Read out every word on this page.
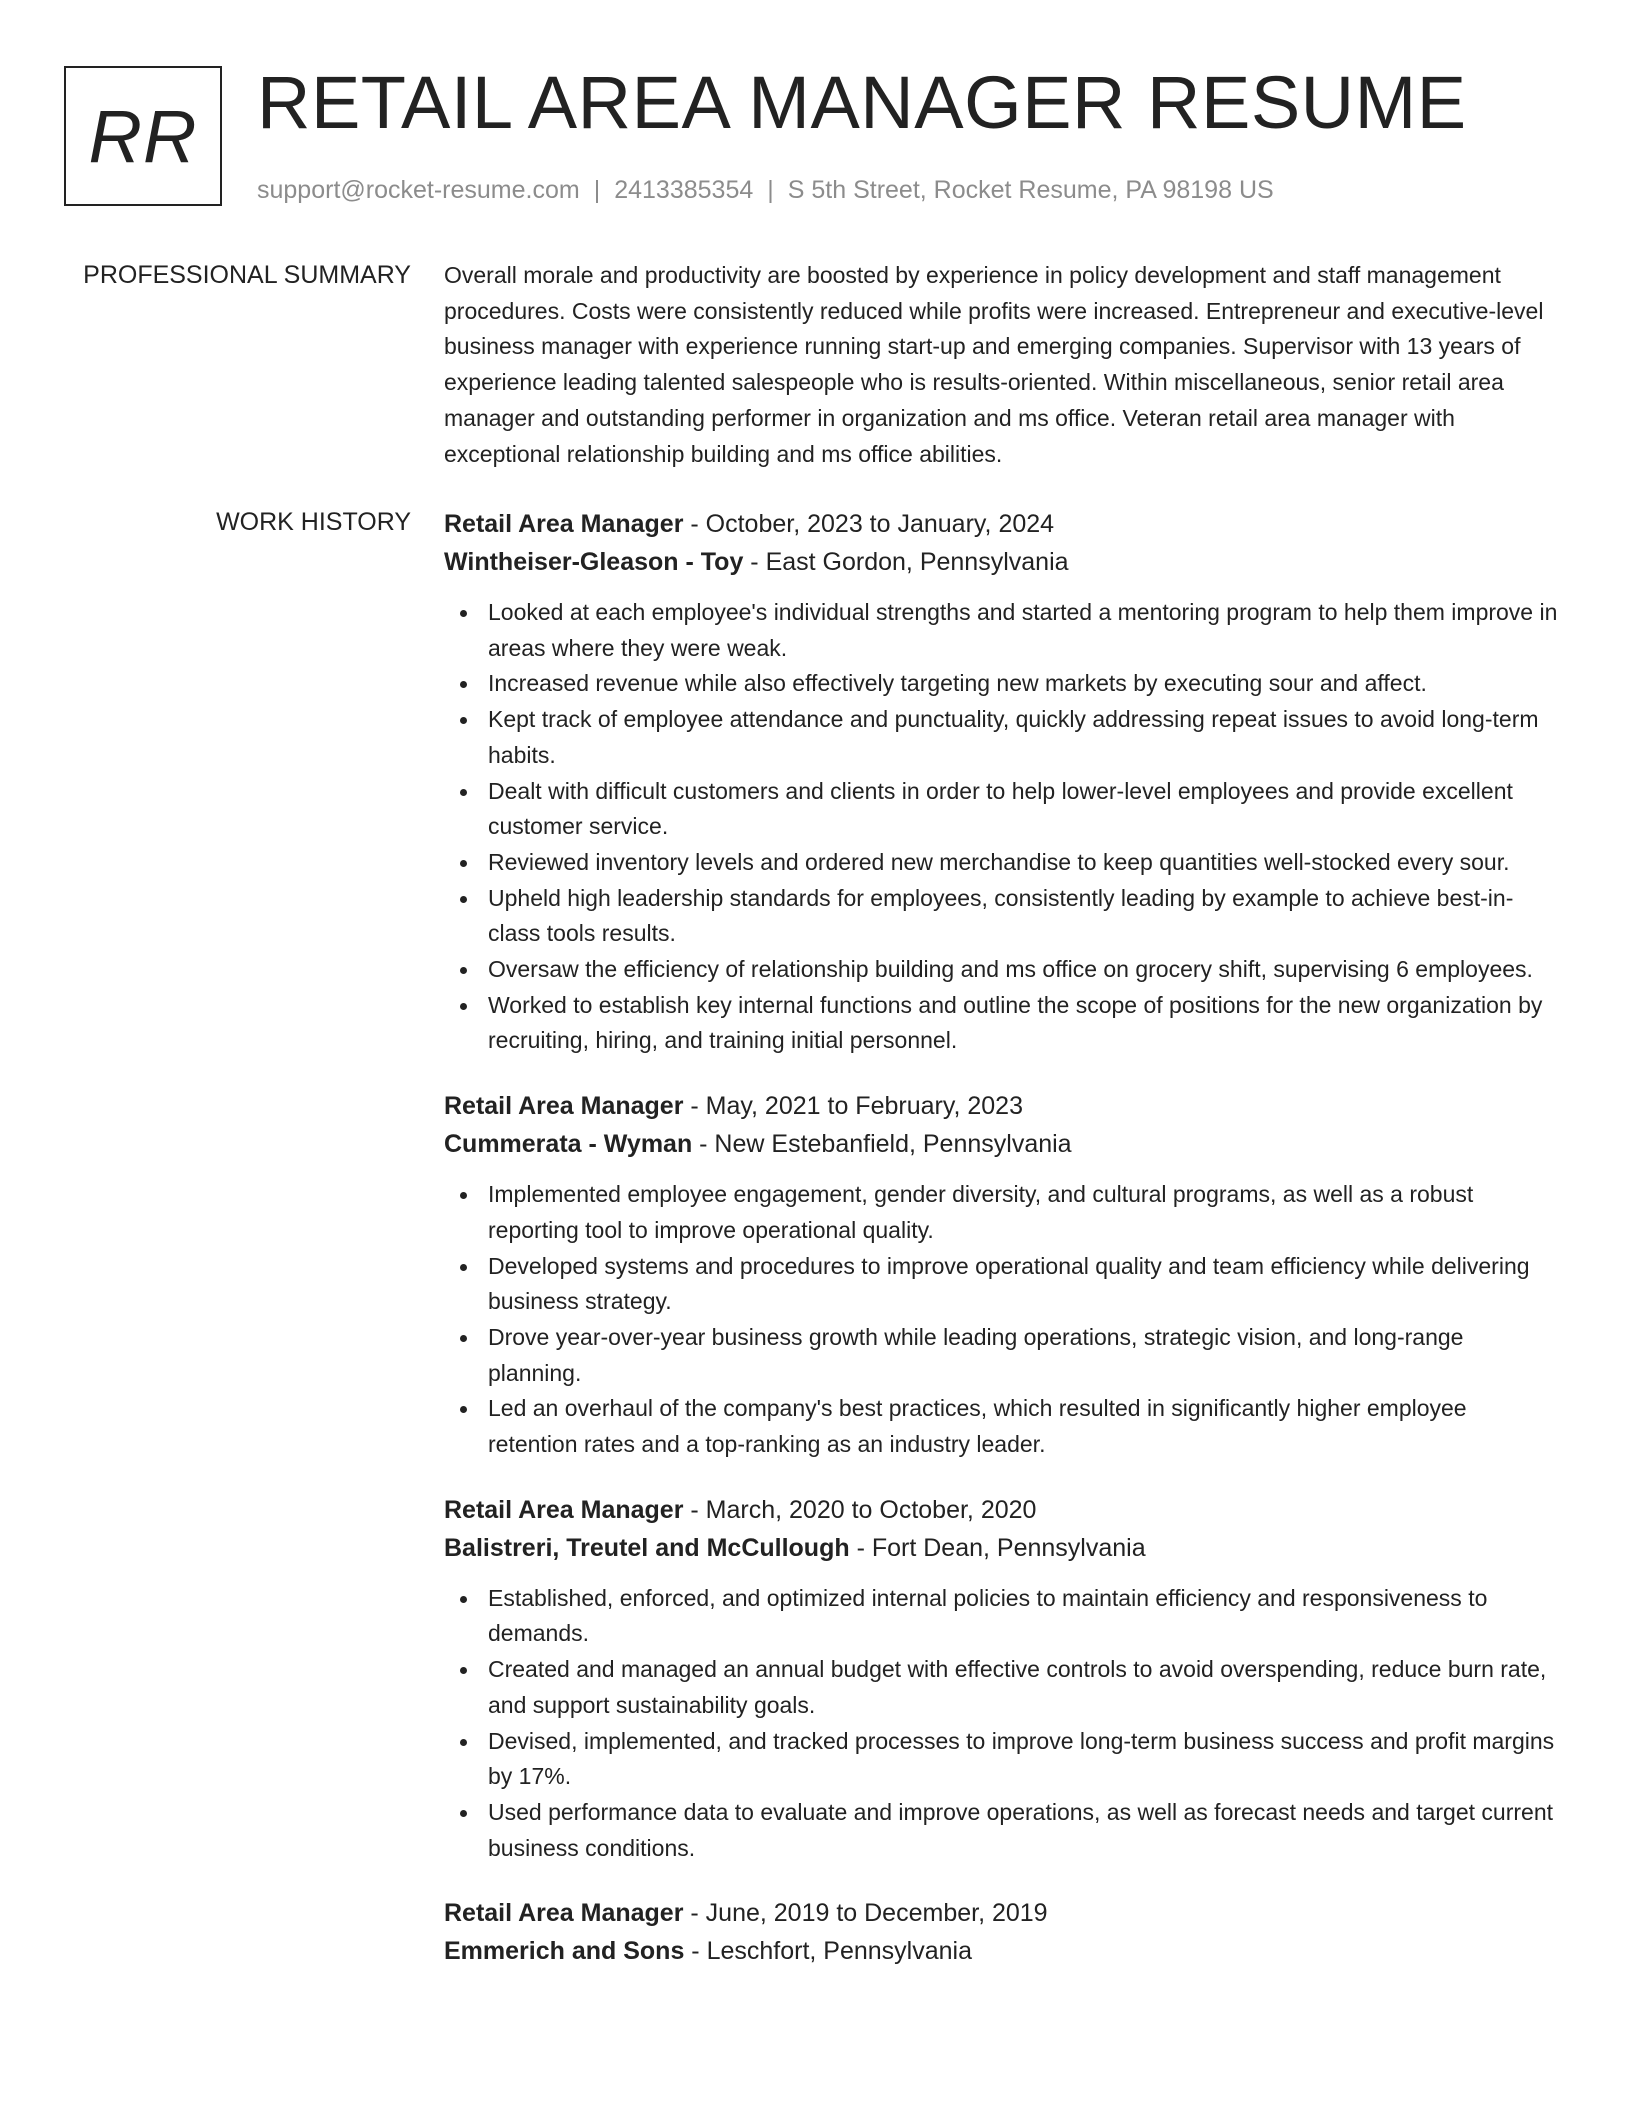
RR RETAIL AREA MANAGER RESUME
support@rocket-resume.com | 2413385354 | S 5th Street, Rocket Resume, PA 98198 US
PROFESSIONAL SUMMARY Overall morale and productivity are boosted by experience in policy development and staff management procedures. Costs were consistently reduced while profits were increased. Entrepreneur and executive-level business manager with experience running start-up and emerging companies. Supervisor with 13 years of experience leading talented salespeople who is results-oriented. Within miscellaneous, senior retail area manager and outstanding performer in organization and ms office. Veteran retail area manager with exceptional relationship building and ms office abilities.

WORK HISTORY Retail Area Manager - October, 2023 to January, 2024
Wintheiser-Gleason - Toy - East Gordon, Pennsylvania
Looked at each employee's individual strengths and started a mentoring program to help them improve in areas where they were weak.
Increased revenue while also effectively targeting new markets by executing sour and affect.
Kept track of employee attendance and punctuality, quickly addressing repeat issues to avoid long-term habits.
Dealt with difficult customers and clients in order to help lower-level employees and provide excellent customer service.
Reviewed inventory levels and ordered new merchandise to keep quantities well-stocked every sour.
Upheld high leadership standards for employees, consistently leading by example to achieve best-in-class tools results.
Oversaw the efficiency of relationship building and ms office on grocery shift, supervising 6 employees.
Worked to establish key internal functions and outline the scope of positions for the new organization by recruiting, hiring, and training initial personnel.
Retail Area Manager - May, 2021 to February, 2023
Cummerata - Wyman - New Estebanfield, Pennsylvania
Implemented employee engagement, gender diversity, and cultural programs, as well as a robust reporting tool to improve operational quality.
Developed systems and procedures to improve operational quality and team efficiency while delivering business strategy.
Drove year-over-year business growth while leading operations, strategic vision, and long-range planning.
Led an overhaul of the company's best practices, which resulted in significantly higher employee retention rates and a top-ranking as an industry leader.
Retail Area Manager - March, 2020 to October, 2020
Balistreri, Treutel and McCullough - Fort Dean, Pennsylvania
Established, enforced, and optimized internal policies to maintain efficiency and responsiveness to demands.
Created and managed an annual budget with effective controls to avoid overspending, reduce burn rate, and support sustainability goals.
Devised, implemented, and tracked processes to improve long-term business success and profit margins by 17%.
Used performance data to evaluate and improve operations, as well as forecast needs and target current business conditions.
Retail Area Manager - June, 2019 to December, 2019
Emmerich and Sons - Leschfort, Pennsylvania
